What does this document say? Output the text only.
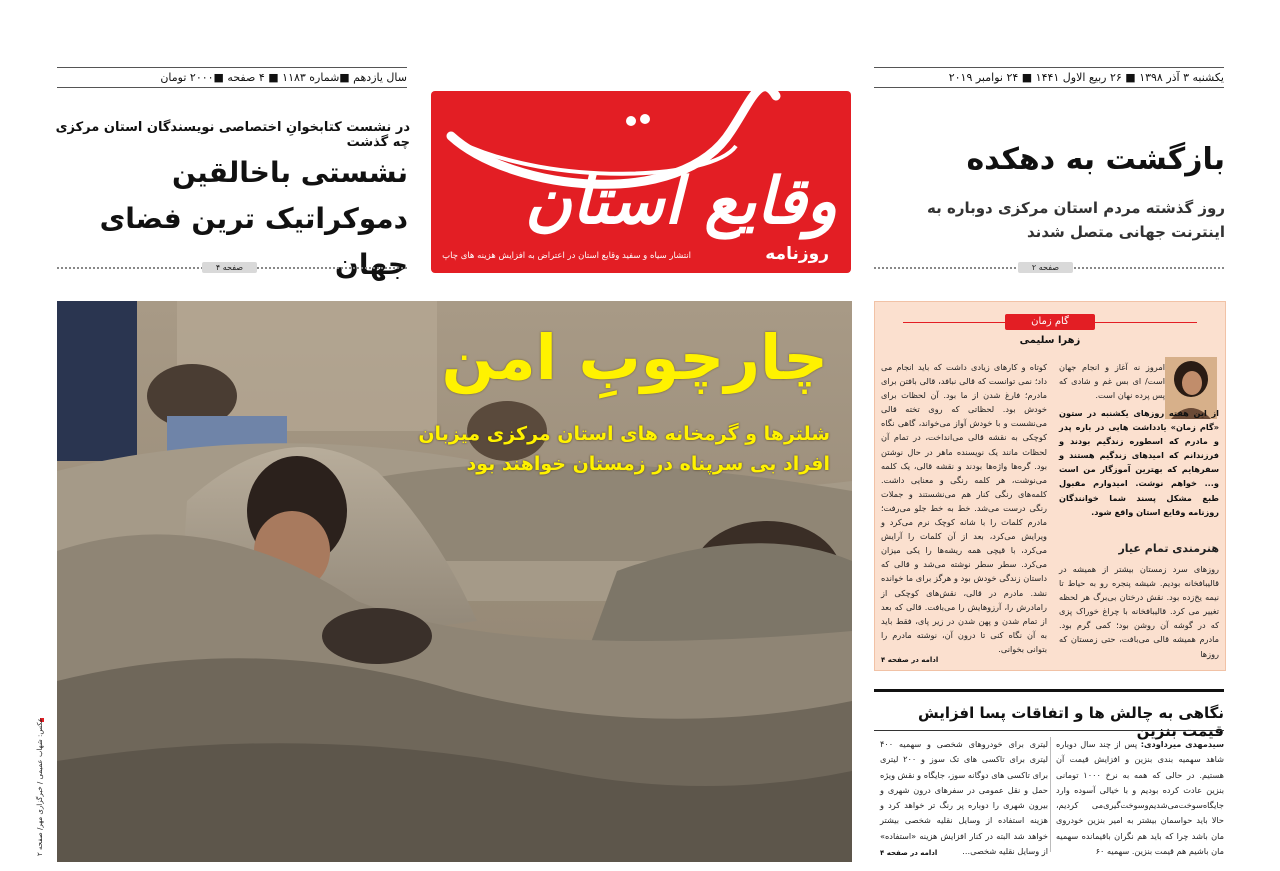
سال یازدهم ■شماره ۱۱۸۳ ■ ۴ صفحه ■۲۰۰۰ تومان	یکشنبه ۳ آذر ۱۳۹۸ ■ ۲۶ ربیع الاول ۱۴۴۱ ■ ۲۴ نوامبر ۲۰۱۹
وقایع استان
روزنامه
انتشار سیاه و سفید وقایع استان در اعتراض به افزایش هزینه های چاپ
در نشست کتابخوانِ اختصاصی نویسندگان استان مرکزی چه گذشت
نشستی باخالقین
دموکراتیک ترین فضای جهان
صفحه ۴
بازگشت به دهکده
روز گذشته مردم استان مرکزی دوباره به اینترنت جهانی متصل شدند
صفحه ۲
چارچوبِ امن
شلترها و گرمخانه های استان مرکزی میزبان
افراد بی سرپناه در زمستان خواهند بود
عکس: شهاب عمیمی / خبرگزاری مهر/ صفحه ۲
گام زمان
زهرا سلیمی
کوتاه و کارهای زیادی داشت که باید انجام می داد؛ نمی توانست که قالی نبافد، قالی بافتن برای مادرم؛ فارغ شدن از ما بود. آن لحظات برای خودش بود. لحظاتی که روی تخته قالی می‌نشست و با خودش آواز می‌خواند، گاهی نگاه کوچکی به نقشه قالی می‌انداخت، در تمام آن لحظات مانند یک نویسنده ماهر در حال نوشتن بود. گره‌ها واژه‌ها بودند و نقشه قالی، یک کلمه می‌نوشت، هر کلمه رنگی و معنایی داشت. کلمه‌های رنگی کنار هم می‌نشستند و جملات رنگی درست می‌شد. خط به خط جلو می‌رفت؛ مادرم کلمات را با شانه کوچک نرم می‌کرد و ویرایش می‌کرد، بعد از آن کلمات را آرایش می‌کرد، با قیچی همه ریشه‌ها را یکی میزان می‌کرد. سطر سطر نوشته می‌شد و قالی که داستان زندگی خودش بود و هرگز برای ما خوانده نشد. مادرم در قالی، نقش‌های کوچکی از رامادرش را، آرزوهایش را می‌بافت. قالی که بعد از تمام شدن و پهن شدن در زیر پای، فقط باید به آن نگاه کنی تا درون آن، نوشته مادرم را بتوانی بخوانی.
امروز نه آغاز و انجام جهان است/ ای بس غم و شادی که پس پرده نهان است.
از این هفته روزهای یکشنبه در ستون «گام زمان» یادداشت هایی در باره پدر و مادرم که اسطوره زندگیم بودند و فرزندانم که امیدهای زندگیم هستند و سفرهایم که بهترین آموزگار من است و... خواهم نوشت. امیدوارم مقبول طبع مشکل پسند شما خوانندگان روزنامه وقایع استان واقع شود.
هنرمندی تمام عیار
روزهای سرد زمستان بیشتر از همیشه در قالیبافخانه بودیم. شیشه پنجره رو به حیاط تا نیمه یخ‌زده بود. نقش درختان بی‌برگ هر لحظه تغییر می کرد. قالیبافخانه با چراغ خوراک پزی که در گوشه آن روشن بود؛ کمی گرم بود. مادرم همیشه قالی می‌بافت، حتی زمستان که روزها
ادامه در صفحه ۴
نگاهی به چالش ها و اتفاقات پسا افزایش قیمت بنزین
سیدمهدی میرداودی: پس از چند سال دوباره شاهد سهمیه بندی بنزین و افزایش قیمت آن هستیم. در حالی که همه به نرخ ۱۰۰۰ تومانی بنزین عادت کرده بودیم و با خیالی آسوده وارد جایگاه‌سوخت‌می‌شدیم‌و‌سوخت‌گیری‌می کردیم، حالا باید حواسمان بیشتر به امیر بنزین خودروی مان باشد چرا که باید هم نگران باقیمانده سهمیه مان باشیم هم قیمت بنزین. سهمیه ۶۰
لیتری برای خودروهای شخصی و سهمیه ۴۰۰ لیتری برای تاکسی های تک سوز و ۲۰۰ لیتری برای تاکسی های دوگانه سوز، جایگاه و نقش ویژه حمل و نقل عمومی در سفرهای درون شهری و بیرون شهری را دوباره پر رنگ تر خواهد کرد و هزینه استفاده از وسایل نقلیه شخصی بیشتر خواهد شد البته در کنار افزایش هزینه «استفاده» از وسایل نقلیه شخصی...
ادامه در صفحه ۴
